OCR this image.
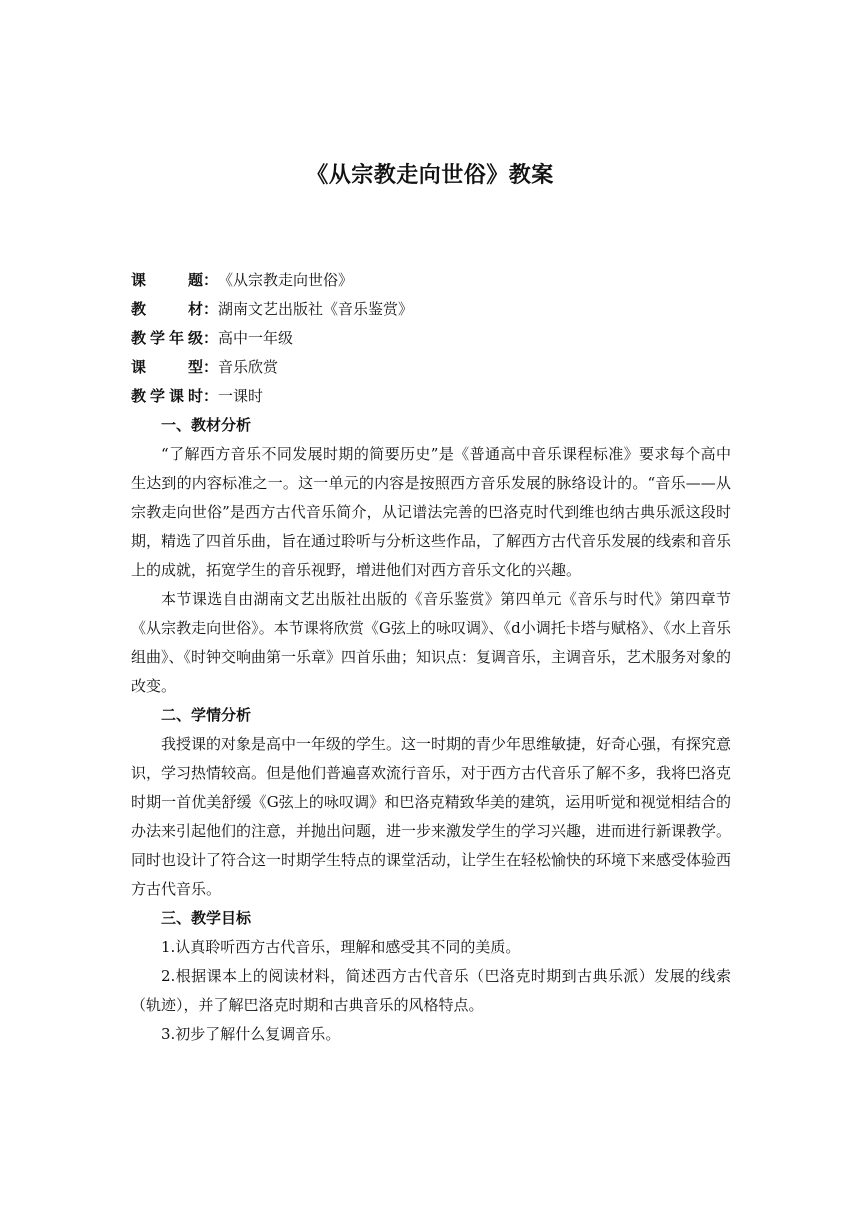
《从宗教走向世俗》教案
课	题 ： 《从宗教走向世俗》
教	材 ： 湖南文艺出版社《音乐鉴赏》
教 学 年 级 ： 高中一年级
课	型 ： 音乐欣赏
教 学 课 时 ： 一课时
一、教材分析

“了解西方音乐不同发展时期的简要历史”是《普通高中音乐课程标准》要求每个高中生达到的内容标准之一。这一单元的内容是按照西方音乐发展的脉络设计的。“音乐——从宗教走向世俗”是西方古代音乐简介，从记谱法完善的巴洛克时代到维也纳古典乐派这段时期，精选了四首乐曲，旨在通过聆听与分析这些作品，了解西方古代音乐发展的线索和音乐上的成就，拓宽学生的音乐视野，增进他们对西方音乐文化的兴趣。

本节课选自由湖南文艺出版社出版的《音乐鉴赏》第四单元《音乐与时代》第四章节《从宗教走向世俗》。本节课将欣赏《G弦上的咏叹调》、《d小调托卡塔与赋格》、《水上音乐组曲》、《时钟交响曲第一乐章》四首乐曲；知识点：复调音乐，主调音乐，艺术服务对象的改变。

二、学情分析

我授课的对象是高中一年级的学生。这一时期的青少年思维敏捷，好奇心强，有探究意识，学习热情较高。但是他们普遍喜欢流行音乐，对于西方古代音乐了解不多，我将巴洛克时期一首优美舒缓《G弦上的咏叹调》和巴洛克精致华美的建筑，运用听觉和视觉相结合的办法来引起他们的注意，并抛出问题，进一步来激发学生的学习兴趣，进而进行新课教学。同时也设计了符合这一时期学生特点的课堂活动，让学生在轻松愉快的环境下来感受体验西方古代音乐。

三、教学目标

1.认真聆听西方古代音乐，理解和感受其不同的美质。

2.根据课本上的阅读材料，简述西方古代音乐（巴洛克时期到古典乐派）发展的线索（轨迹），并了解巴洛克时期和古典音乐的风格特点。

3.初步了解什么复调音乐。
